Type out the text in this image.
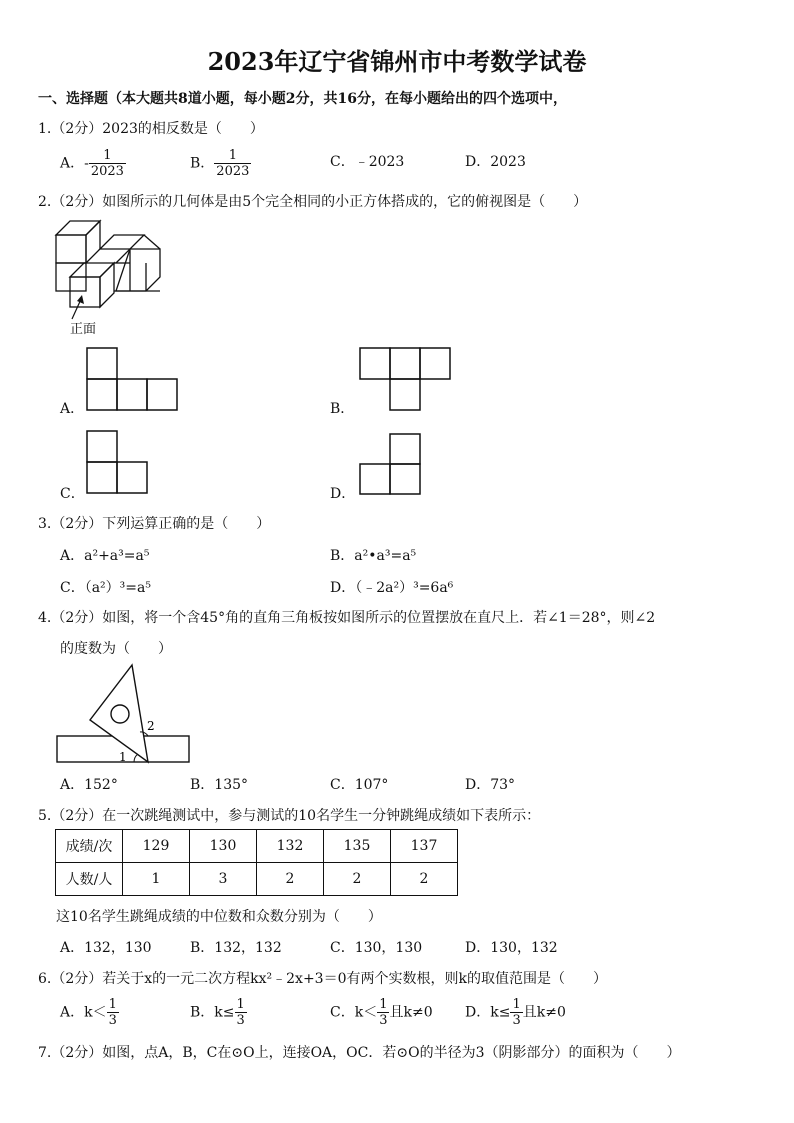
2023年辽宁省锦州市中考数学试卷
一、选择题（本大题共8道小题，每小题2分，共16分，在每小题给出的四个选项中，
1.（2分）2023的相反数是（　　）
A．- $\frac{1}{2023}$	B． $\frac{1}{2023}$	C．﹣2023	D．2023
2.（2分）如图所示的几何体是由5个完全相同的小正方体搭成的，它的俯视图是（　　）
正面
A．	B．
C．	D．
3.（2分）下列运算正确的是（　　）
A．a²+a³=a⁵	B．a²•a³=a⁵
C．（a²）³=a⁵	D．（﹣2a²）³=6a⁶
4.（2分）如图，将一个含45°角的直角三角板按如图所示的位置摆放在直尺上．若∠1＝28°，则∠2
的度数为（　　）
2
1
A．152°	B．135°	C．107°	D．73°
5.（2分）在一次跳绳测试中，参与测试的10名学生一分钟跳绳成绩如下表所示：
成绩/次	129	130	132	135	137
人数/人	1	3	2	2	2
这10名学生跳绳成绩的中位数和众数分别为（　　）
A．132，130	B．132，132	C．130，130	D．130，132
6.（2分）若关于x的一元二次方程kx²﹣2x+3＝0有两个实数根，则k的取值范围是（　　）
A．$k< \frac{1}{3}$	B．$k\le \frac{1}{3}$	C．$k< \frac{1}{3}$ 且k≠0 D．$k\le \frac{1}{3}$ 且k≠0
7.（2分）如图，点A，B，C在⊙O上，连接OA，OC．若⊙O的半径为3（阴影部分）的面积为（　　）
